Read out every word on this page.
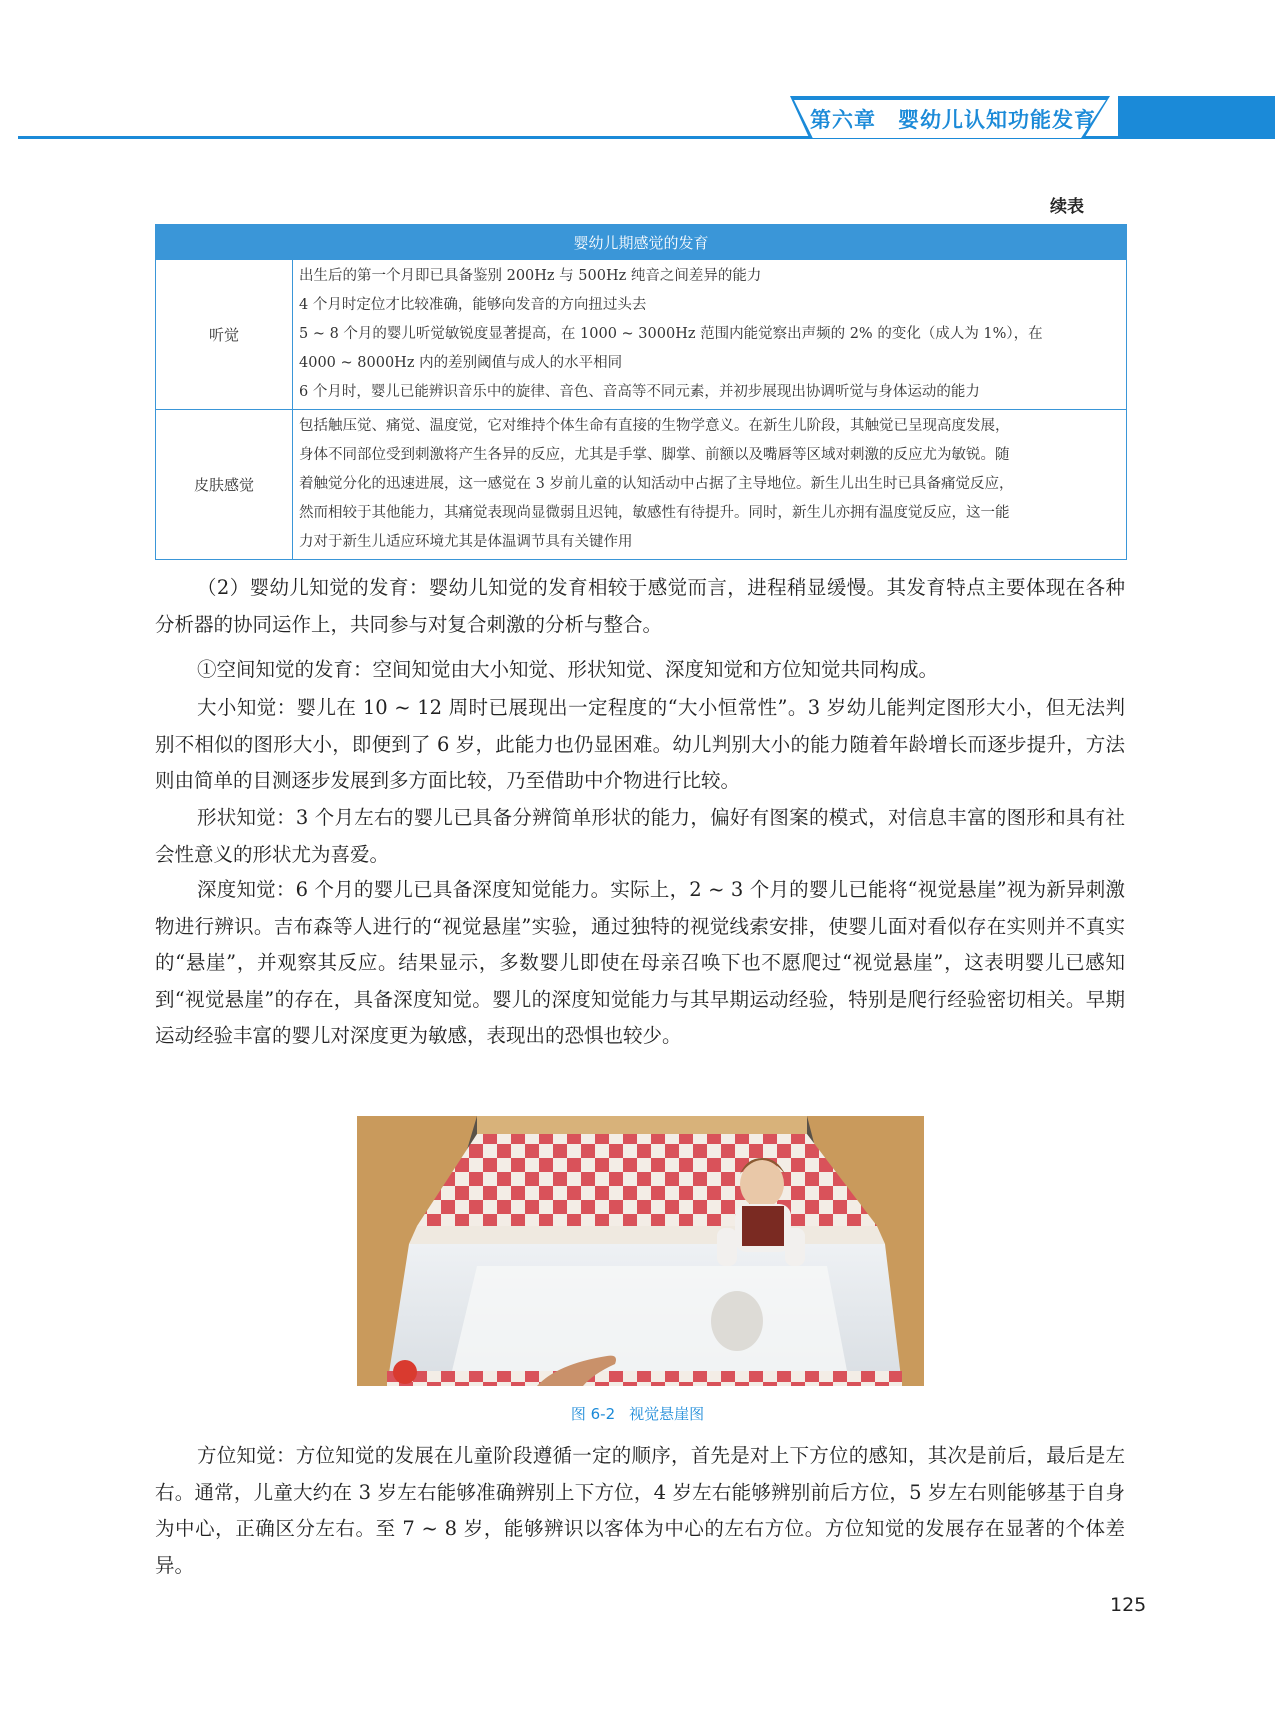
第六章 婴幼儿认知功能发育
续表
婴幼儿期感觉的发育	
听觉	出生后的第一个月即已具备鉴别 200Hz 与 500Hz 纯音之间差异的能力

4 个月时定位才比较准确，能够向发音的方向扭过头去

5 ~ 8 个月的婴儿听觉敏锐度显著提高，在 1000 ~ 3000Hz 范围内能觉察出声频的 2% 的变化（成人为 1%），在

4000 ~ 8000Hz 内的差别阈值与成人的水平相同

6 个月时，婴儿已能辨识音乐中的旋律、音色、音高等不同元素，并初步展现出协调听觉与身体运动的能力

皮肤感觉	包括触压觉、痛觉、温度觉，它对维持个体生命有直接的生物学意义。在新生儿阶段，其触觉已呈现高度发展，

身体不同部位受到刺激将产生各异的反应，尤其是手掌、脚掌、前额以及嘴唇等区域对刺激的反应尤为敏锐。随

着触觉分化的迅速进展，这一感觉在 3 岁前儿童的认知活动中占据了主导地位。新生儿出生时已具备痛觉反应，

然而相较于其他能力，其痛觉表现尚显微弱且迟钝，敏感性有待提升。同时，新生儿亦拥有温度觉反应，这一能

力对于新生儿适应环境尤其是体温调节具有关键作用

（2）婴幼儿知觉的发育：婴幼儿知觉的发育相较于感觉而言，进程稍显缓慢。其发育特点主要体现在各种分析器的协同运作上，共同参与对复合刺激的分析与整合。

①空间知觉的发育：空间知觉由大小知觉、形状知觉、深度知觉和方位知觉共同构成。

大小知觉：婴儿在 10 ~ 12 周时已展现出一定程度的“大小恒常性”。3 岁幼儿能判定图形大小，但无法判别不相似的图形大小，即便到了 6 岁，此能力也仍显困难。幼儿判别大小的能力随着年龄增长而逐步提升，方法则由简单的目测逐步发展到多方面比较，乃至借助中介物进行比较。

形状知觉：3 个月左右的婴儿已具备分辨简单形状的能力，偏好有图案的模式，对信息丰富的图形和具有社会性意义的形状尤为喜爱。

深度知觉：6 个月的婴儿已具备深度知觉能力。实际上，2 ~ 3 个月的婴儿已能将“视觉悬崖”视为新异刺激物进行辨识。吉布森等人进行的“视觉悬崖”实验，通过独特的视觉线索安排，使婴儿面对看似存在实则并不真实的“悬崖”，并观察其反应。结果显示，多数婴儿即使在母亲召唤下也不愿爬过“视觉悬崖”，这表明婴儿已感知到“视觉悬崖”的存在，具备深度知觉。婴儿的深度知觉能力与其早期运动经验，特别是爬行经验密切相关。早期运动经验丰富的婴儿对深度更为敏感，表现出的恐惧也较少。

图 6-2 视觉悬崖图

方位知觉：方位知觉的发展在儿童阶段遵循一定的顺序，首先是对上下方位的感知，其次是前后，最后是左右。通常，儿童大约在 3 岁左右能够准确辨别上下方位，4 岁左右能够辨别前后方位，5 岁左右则能够基于自身为中心，正确区分左右。至 7 ~ 8 岁，能够辨识以客体为中心的左右方位。方位知觉的发展存在显著的个体差异。

125
